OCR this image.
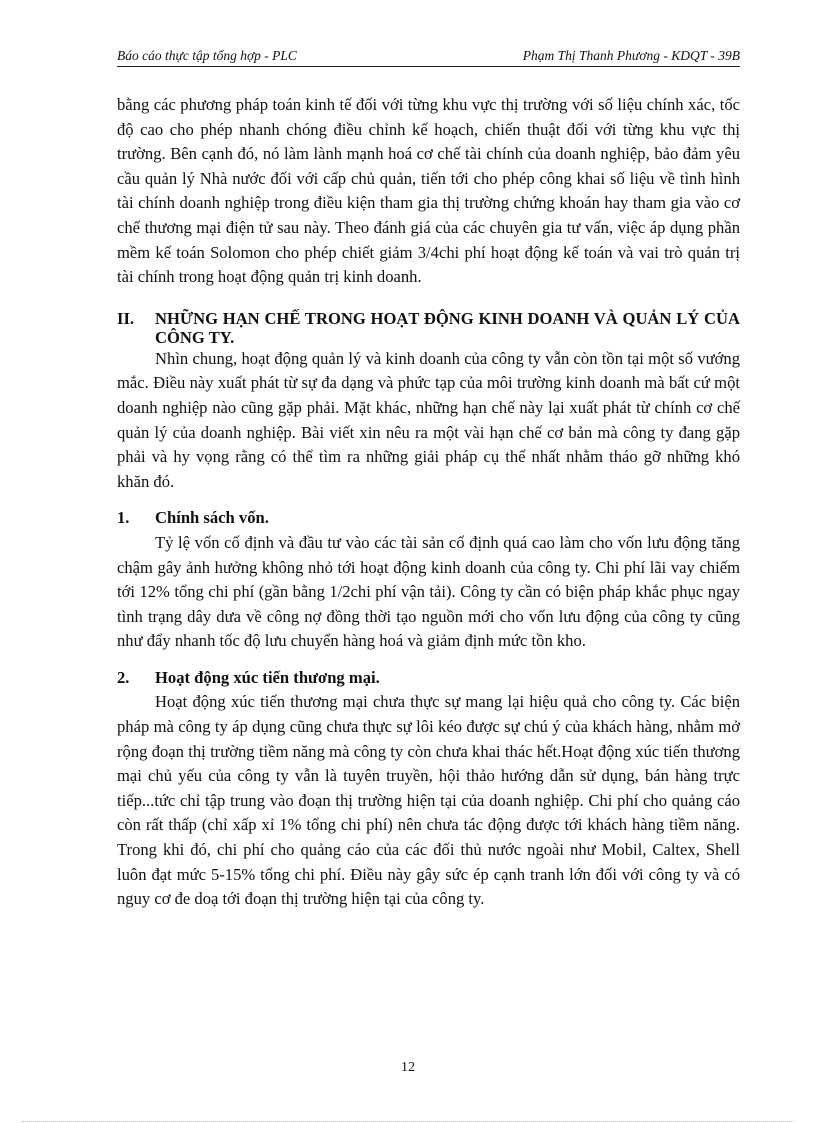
Báo cáo thực tập tổng hợp - PLC	Phạm Thị Thanh Phương - KDQT - 39B

bằng các phương pháp toán kinh tế đối với từng khu vực thị trường với số liệu chính xác, tốc độ cao cho phép nhanh chóng điều chỉnh kế hoạch, chiến thuật đối với từng khu vực thị trường. Bên cạnh đó, nó làm lành mạnh hoá cơ chế tài chính của doanh nghiệp, bảo đảm yêu cầu quản lý Nhà nước đối với cấp chủ quản, tiến tới cho phép công khai số liệu về tình hình tài chính doanh nghiệp trong điều kiện tham gia thị trường chứng khoán hay tham gia vào cơ chế thương mại điện tử sau này. Theo đánh giá của các chuyên gia tư vấn, việc áp dụng phần mềm kế toán Solomon cho phép chiết giảm 3/4chi phí hoạt động kế toán và vai trò quản trị tài chính trong hoạt động quản trị kinh doanh.

II.	NHỮNG HẠN CHẾ TRONG HOẠT ĐỘNG KINH DOANH VÀ QUẢN LÝ CỦA CÔNG TY.

Nhìn chung, hoạt động quản lý và kinh doanh của công ty vẫn còn tồn tại một số vướng mắc. Điều này xuất phát từ sự đa dạng và phức tạp của môi trường kinh doanh mà bất cứ một doanh nghiệp nào cũng gặp phải. Mặt khác, những hạn chế này lại xuất phát từ chính cơ chế quản lý của doanh nghiệp. Bài viết xin nêu ra một vài hạn chế cơ bản mà công ty đang gặp phải và hy vọng rằng có thể tìm ra những giải pháp cụ thể nhất nhằm tháo gỡ những khó khăn đó.

1.	Chính sách vốn.

Tỷ lệ vốn cố định và đầu tư vào các tài sản cố định quá cao làm cho vốn lưu động tăng chậm gây ảnh hưởng không nhỏ tới hoạt động kinh doanh của công ty. Chi phí lãi vay chiếm tới 12% tổng chi phí (gần bằng 1/2chi phí vận tải). Công ty cần có biện pháp khắc phục ngay tình trạng dây dưa về công nợ đồng thời tạo nguồn mới cho vốn lưu động của công ty cũng như đẩy nhanh tốc độ lưu chuyển hàng hoá và giảm định mức tồn kho.

2.	Hoạt động xúc tiến thương mại.

Hoạt động xúc tiến thương mại chưa thực sự mang lại hiệu quả cho công ty. Các biện pháp mà công ty áp dụng cũng chưa thực sự lôi kéo được sự chú ý của khách hàng, nhằm mở rộng đoạn thị trường tiềm năng mà công ty còn chưa khai thác hết.Hoạt động xúc tiến thương mại chủ yếu của công ty vẫn là tuyên truyền, hội thảo hướng dẫn sử dụng, bán hàng trực tiếp...tức chỉ tập trung vào đoạn thị trường hiện tại của doanh nghiệp. Chi phí cho quảng cáo còn rất thấp (chỉ xấp xỉ 1% tổng chi phí) nên chưa tác động được tới khách hàng tiềm năng. Trong khi đó, chi phí cho quảng cáo của các đối thủ nước ngoài như Mobil, Caltex, Shell luôn đạt mức 5-15% tổng chi phí. Điều này gây sức ép cạnh tranh lớn đối với công ty và có nguy cơ đe doạ tới đoạn thị trường hiện tại của công ty.

12
